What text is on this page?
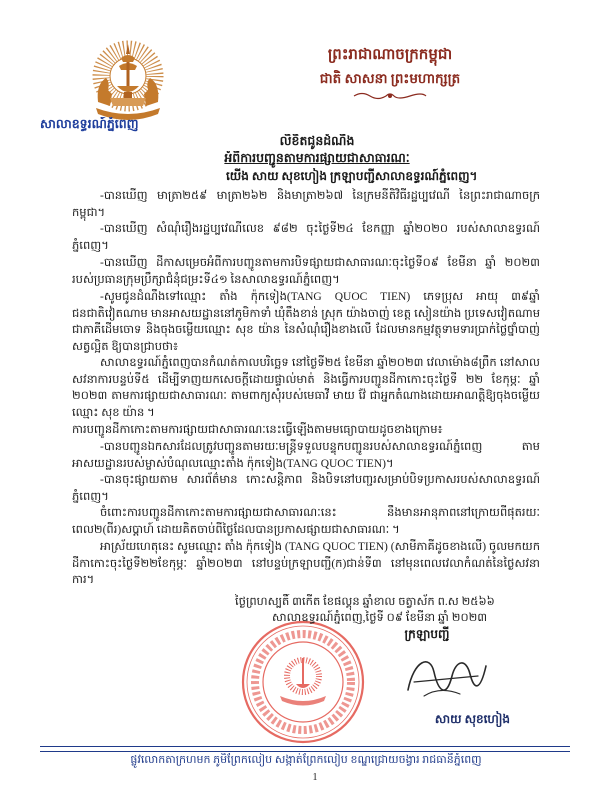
ព្រះរាជាណាចក្រកម្ពុជា
ជាតិ សាសនា ព្រះមហាក្សត្រ
សាលាឧទ្ធរណ៍ភ្នំពេញ
លិខិតជូនដំណឹង
អំពីការបញ្ជូនតាមការផ្សាយជាសាធារណៈ
យើង សាយ សុខហៀង ក្រឡាបញ្ជីសាលាឧទ្ធរណ៍ភ្នំពេញ។
-បានឃើញ មាត្រា២៥៩ មាត្រា២៦២ និងមាត្រា២៦៧ នៃក្រមនីតិវិធីរដ្ឋប្បវេណី នៃព្រះរាជាណាចក្រកម្ពុជា។
-បានឃើញ សំណុំរឿងរដ្ឋប្បវេណីលេខ ៩៨២ ចុះថ្ងៃទី២៤ ខែកញ្ញា ឆ្នាំ២០២០ របស់សាលាឧទ្ធរណ៍ភ្នំពេញ។
-បានឃើញ ដីកាសម្រេចអំពីការបញ្ជូនតាមការបិទផ្សាយជាសាធារណៈចុះថ្ងៃទី០៩ ខែមីនា ឆ្នាំ ២០២៣ របស់ប្រធានក្រុមប្រឹក្សាជំនុំជម្រះទី៤១ នៃសាលាឧទ្ធរណ៍ភ្នំពេញ។
-សូមជូនដំណឹងទៅឈ្មោះ តាំង ក៉ុកទៀង(TANG QUOC TIEN) ភេទប្រុស អាយុ ៣៩ឆ្នាំ ជនជាតិវៀតណាម មានអាសយដ្ឋាននៅភូមិកាទាំ ឃុំតឹងខាន់ ស្រុក យ៉ាងចាញ់ ខេត្ត សៀនយ៉ាង ប្រទេសវៀតណាម ជាភាគីដើមចោទ និងចុងចម្លើយឈ្មោះ សុខ យ៉ាន នៃសំណុំរឿងខាងលើ ដែលមានកម្មវត្ថុទាមទារប្រាក់ថ្លៃថ្នាំបាញ់សត្វល្អិត ឱ្យបានជ្រាបថា៖
សាលាឧទ្ធរណ៍ភ្នំពេញបានកំណត់កាលបរិច្ឆេទ នៅថ្ងៃទី២៥ ខែមីនា ឆ្នាំ២០២៣ វេលាម៉ោង៨ព្រឹក នៅសាលសវនាការបន្ទប់ទី៥ ដើម្បីទាញយកសេចក្តីដោយផ្ទាល់មាត់ និងធ្វើការបញ្ជូនដីកាកោះចុះថ្ងៃទី ២២ ខែកុម្ភៈ ឆ្នាំ ២០២៣ តាមការផ្សាយជាសាធារណៈ តាមពាក្យសុំរបស់មេធាវី មាយ វ៉ែ ជាអ្នកតំណាងដោយអាណត្តិឱ្យចុងចម្លើយឈ្មោះ សុខ យ៉ាន ។
ការបញ្ជូនដីកាកោះតាមការផ្សាយជាសាធារណៈនេះធ្វើឡើងតាមមធ្យោបាយដូចខាងក្រោម៖
-បានបញ្ជូនឯកសារដែលត្រូវបញ្ជូនតាមរយៈមន្ត្រីទទួលបន្ទុកបញ្ជូនរបស់សាលាឧទ្ធរណ៍ភ្នំពេញ តាមអាសយដ្ឋានរបស់ម្ចាស់បំណុលឈ្មោះតាំង ក៉ុកទៀង(TANG QUOC TIEN)។
-បានចុះផ្សាយតាម សារព័ត៌មាន កោះសន្តិភាព និងបិទនៅបញ្ជរសម្រាប់បិទប្រកាសរបស់សាលាឧទ្ធរណ៍ភ្នំពេញ។
ចំពោះការបញ្ជូនដីកាកោះតាមការផ្សាយជាសាធារណៈនេះ នឹងមានអានុភាពនៅក្រោយពីផុតរយៈពេល២(ពីរ)សប្តាហ៍ ដោយគិតចាប់ពីថ្ងៃដែលបានប្រកាសផ្សាយជាសាធារណៈ ។
អាស្រ័យហេតុនេះ សូមឈ្មោះ តាំង ក៉ុកទៀង (TANG QUOC TIEN) (សាមីភាគីដូចខាងលើ) ចូលមកយកដីកាកោះចុះថ្ងៃទី២២ខែកុម្ភៈ ឆ្នាំ២០២៣ នៅបន្ទប់ក្រឡាបញ្ជី(ក)ជាន់ទី៣ នៅមុនពេលវេលាកំណត់នៃថ្ងៃសវនាការ។
ថ្ងៃព្រហស្បតិ៍ ៣កើត ខែផល្គុន ឆ្នាំខាល ចត្វាស័ក ព.ស ២៥៦៦
សាលាឧទ្ធរណ៍ភ្នំពេញ,ថ្ងៃទី ០៩ ខែមីនា ឆ្នាំ ២០២៣
ក្រឡាបញ្ជី
សាយ សុខហៀង
ផ្លូវលោកតាក្រហមក ភូមិព្រែកលៀប សង្កាត់ព្រែកលៀប ខណ្ឌជ្រោយចង្វារ រាជធានីភ្នំពេញ
1
